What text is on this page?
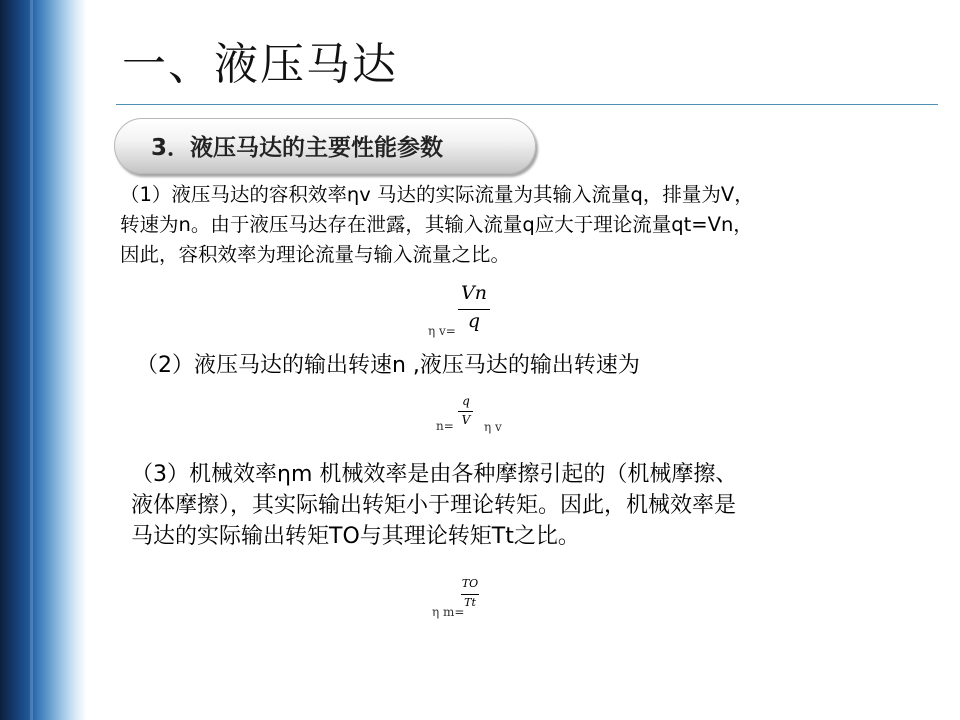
一、液压马达
3．液压马达的主要性能参数
（1）液压马达的容积效率ηv 马达的实际流量为其输入流量q，排量为V，
转速为n。由于液压马达存在泄露，其输入流量q应大于理论流量qt=Vn，
因此，容积效率为理论流量与输入流量之比。
η v=
Vn
q
（2）液压马达的输出转速n ,液压马达的输出转速为
n=
q
V	η v
（3）机械效率ηm 机械效率是由各种摩擦引起的（机械摩擦、
液体摩擦），其实际输出转矩小于理论转矩。因此，机械效率是
马达的实际输出转矩TO与其理论转矩Tt之比。
η m=
TO
Tt
